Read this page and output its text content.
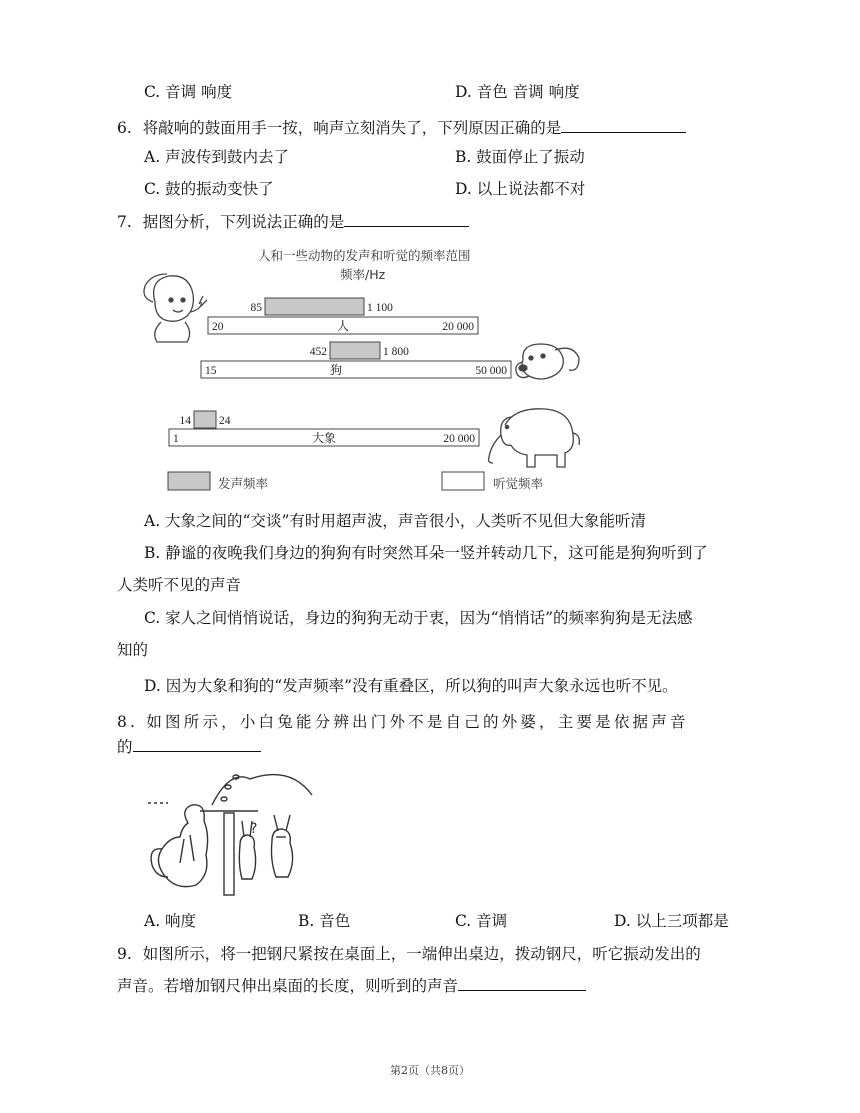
C. 音调 响度	D. 音色 音调 响度
6. 将敲响的鼓面用手一按，响声立刻消失了，下列原因正确的是
A. 声波传到鼓内去了	B. 鼓面停止了振动
C. 鼓的振动变快了	D. 以上说法都不对
7. 据图分析，下列说法正确的是
人和一些动物的发声和听觉的频率范围
频率/Hz
20	20 000
85	1 100
人
15	50 000
452	1 800
狗
1	20 000
14 24
大象
发声频率	听觉频率
A. 大象之间的“交谈”有时用超声波，声音很小，人类听不见但大象能听清
B. 静谧的夜晚我们身边的狗狗有时突然耳朵一竖并转动几下，这可能是狗狗听到了
人类听不见的声音
C. 家人之间悄悄说话，身边的狗狗无动于衷，因为“悄悄话”的频率狗狗是无法感
知的
D. 因为大象和狗的“发声频率”没有重叠区，所以狗的叫声大象永远也听不见。
8. 如图所示，小白兔能分辨出门外不是自己的外婆，主要是依据声音
的
?
A. 响度	B. 音色	C. 音调	D. 以上三项都是
9. 如图所示，将一把钢尺紧按在桌面上，一端伸出桌边，拨动钢尺，听它振动发出的
声音。若增加钢尺伸出桌面的长度，则听到的声音
第2页（共8页）
